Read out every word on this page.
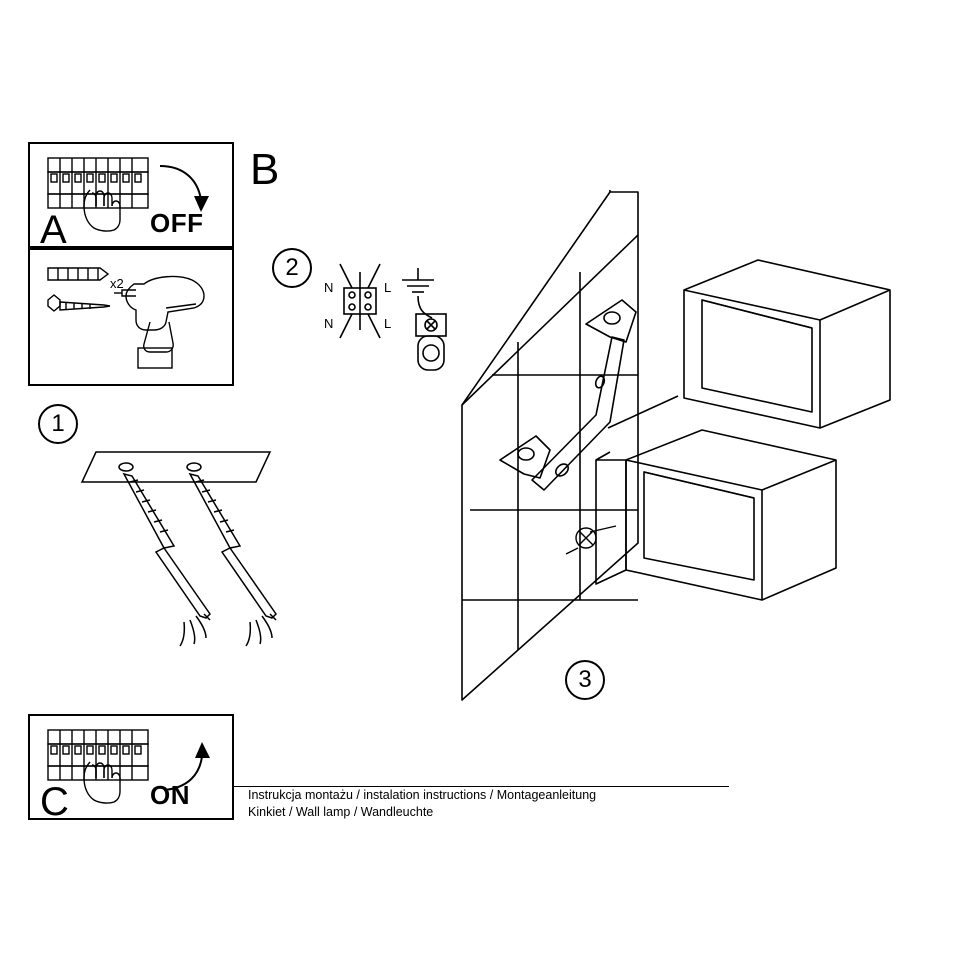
A	OFF
x2
1
C	ON
B
2
N	L
N	L
3
Instrukcja montażu / instalation instructions / Montageanleitung
Kinkiet / Wall lamp / Wandleuchte
